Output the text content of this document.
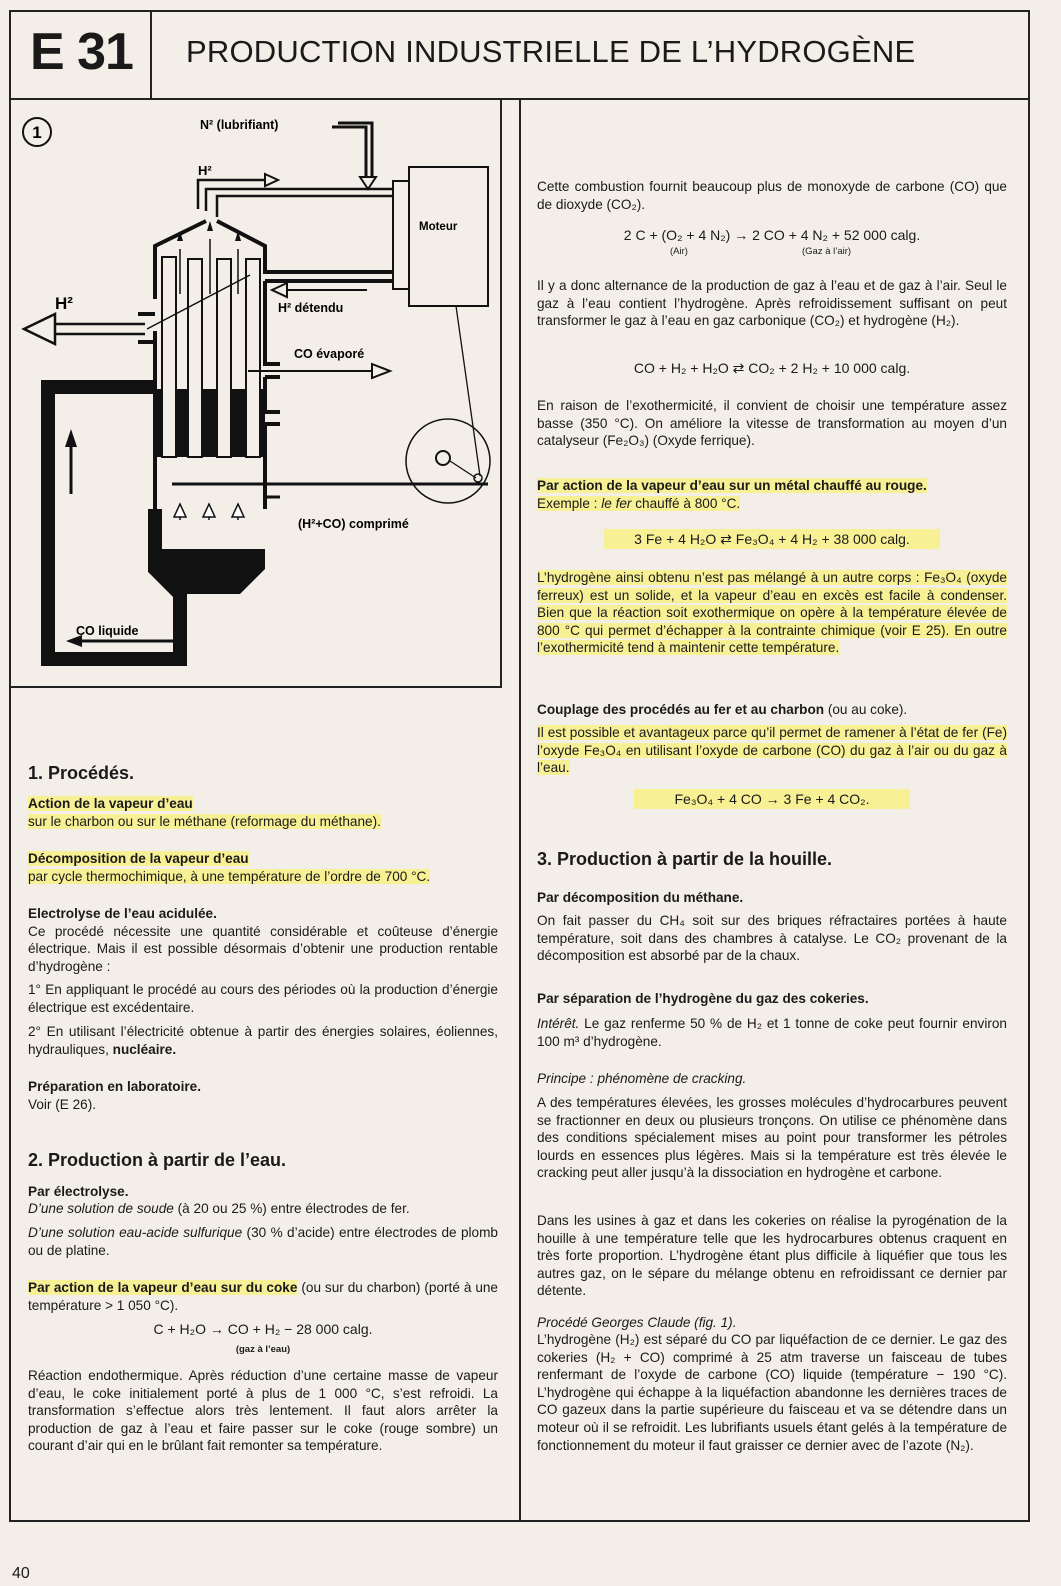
E 31 PRODUCTION INDUSTRIELLE DE L’HYDROGÈNE
1	N² (lubrifiant)
H²
Moteur
H²	H² détendu
CO évaporé
(H²+CO) comprimé
CO liquide
1. Procédés.
Action de la vapeur d’eau
sur le charbon ou sur le méthane (reformage du méthane).
Décomposition de la vapeur d’eau
par cycle thermochimique, à une température de l’ordre de 700 °C.
Electrolyse de l’eau acidulée.
Ce procédé nécessite une quantité considérable et coûteuse d’énergie électrique. Mais il est possible désormais d’obtenir une production rentable d’hydrogène :
1° En appliquant le procédé au cours des périodes où la production d’énergie électrique est excédentaire.
2° En utilisant l’électricité obtenue à partir des énergies solaires, éoliennes, hydrauliques, nucléaire.
Préparation en laboratoire.
Voir (E 26).
2. Production à partir de l’eau.
Par électrolyse.
D’une solution de soude (à 20 ou 25 %) entre électrodes de fer.
D’une solution eau-acide sulfurique (30 % d’acide) entre électrodes de plomb ou de platine.
Par action de la vapeur d’eau sur du coke (ou sur du charbon) (porté à une température > 1 050 °C).
C + H₂O → CO + H₂ − 28 000 calg.
(gaz à l’eau)
Réaction endothermique. Après réduction d’une certaine masse de vapeur d’eau, le coke initialement porté à plus de 1 000 °C, s’est refroidi. La transformation s’effectue alors très lentement. Il faut alors arrêter la production de gaz à l’eau et faire passer sur le coke (rouge sombre) un courant d’air qui en le brûlant fait remonter sa température.
Cette combustion fournit beaucoup plus de monoxyde de carbone (CO) que de dioxyde (CO₂).
2 C + (O₂ + 4 N₂) → 2 CO + 4 N₂ + 52 000 calg.
(Air)	(Gaz à l’air)
Il y a donc alternance de la production de gaz à l’eau et de gaz à l’air. Seul le gaz à l’eau contient l’hydrogène. Après refroidissement suffisant on peut transformer le gaz à l’eau en gaz carbonique (CO₂) et hydrogène (H₂).
CO + H₂ + H₂O ⇄ CO₂ + 2 H₂ + 10 000 calg.
En raison de l’exothermicité, il convient de choisir une température assez basse (350 °C). On améliore la vitesse de transformation au moyen d’un catalyseur (Fe₂O₃) (Oxyde ferrique).
Par action de la vapeur d’eau sur un métal chauffé au rouge.
Exemple : le fer chauffé à 800 °C.
3 Fe + 4 H₂O ⇄ Fe₃O₄ + 4 H₂ + 38 000 calg.
L’hydrogène ainsi obtenu n’est pas mélangé à un autre corps : Fe₃O₄ (oxyde ferreux) est un solide, et la vapeur d’eau en excès est facile à condenser. Bien que la réaction soit exothermique on opère à la température élevée de 800 °C qui permet d’échapper à la contrainte chimique (voir E 25). En outre l’exothermicité tend à maintenir cette température.
Couplage des procédés au fer et au charbon (ou au coke).
Il est possible et avantageux parce qu’il permet de ramener à l’état de fer (Fe) l’oxyde Fe₃O₄ en utilisant l’oxyde de carbone (CO) du gaz à l’air ou du gaz à l’eau.
Fe₃O₄ + 4 CO → 3 Fe + 4 CO₂.
3. Production à partir de la houille.
Par décomposition du méthane.
On fait passer du CH₄ soit sur des briques réfractaires portées à haute température, soit dans des chambres à catalyse. Le CO₂ provenant de la décomposition est absorbé par de la chaux.
Par séparation de l’hydrogène du gaz des cokeries.
Intérêt. Le gaz renferme 50 % de H₂ et 1 tonne de coke peut fournir environ 100 m³ d’hydrogène.
Principe : phénomène de cracking.
A des températures élevées, les grosses molécules d’hydrocarbures peuvent se fractionner en deux ou plusieurs tronçons. On utilise ce phénomène dans des conditions spécialement mises au point pour transformer les pétroles lourds en essences plus légères. Mais si la température est très élevée le cracking peut aller jusqu’à la dissociation en hydrogène et carbone.
Dans les usines à gaz et dans les cokeries on réalise la pyrogénation de la houille à une température telle que les hydrocarbures obtenus craquent en très forte proportion. L’hydrogène étant plus difficile à liquéfier que tous les autres gaz, on le sépare du mélange obtenu en refroidissant ce dernier par détente.
Procédé Georges Claude (fig. 1).
L’hydrogène (H₂) est séparé du CO par liquéfaction de ce dernier. Le gaz des cokeries (H₂ + CO) comprimé à 25 atm traverse un faisceau de tubes renfermant de l’oxyde de carbone (CO) liquide (température − 190 °C). L’hydrogène qui échappe à la liquéfaction abandonne les dernières traces de CO gazeux dans la partie supérieure du faisceau et va se détendre dans un moteur où il se refroidit. Les lubrifiants usuels étant gelés à la température de fonctionnement du moteur il faut graisser ce dernier avec de l’azote (N₂).
40
